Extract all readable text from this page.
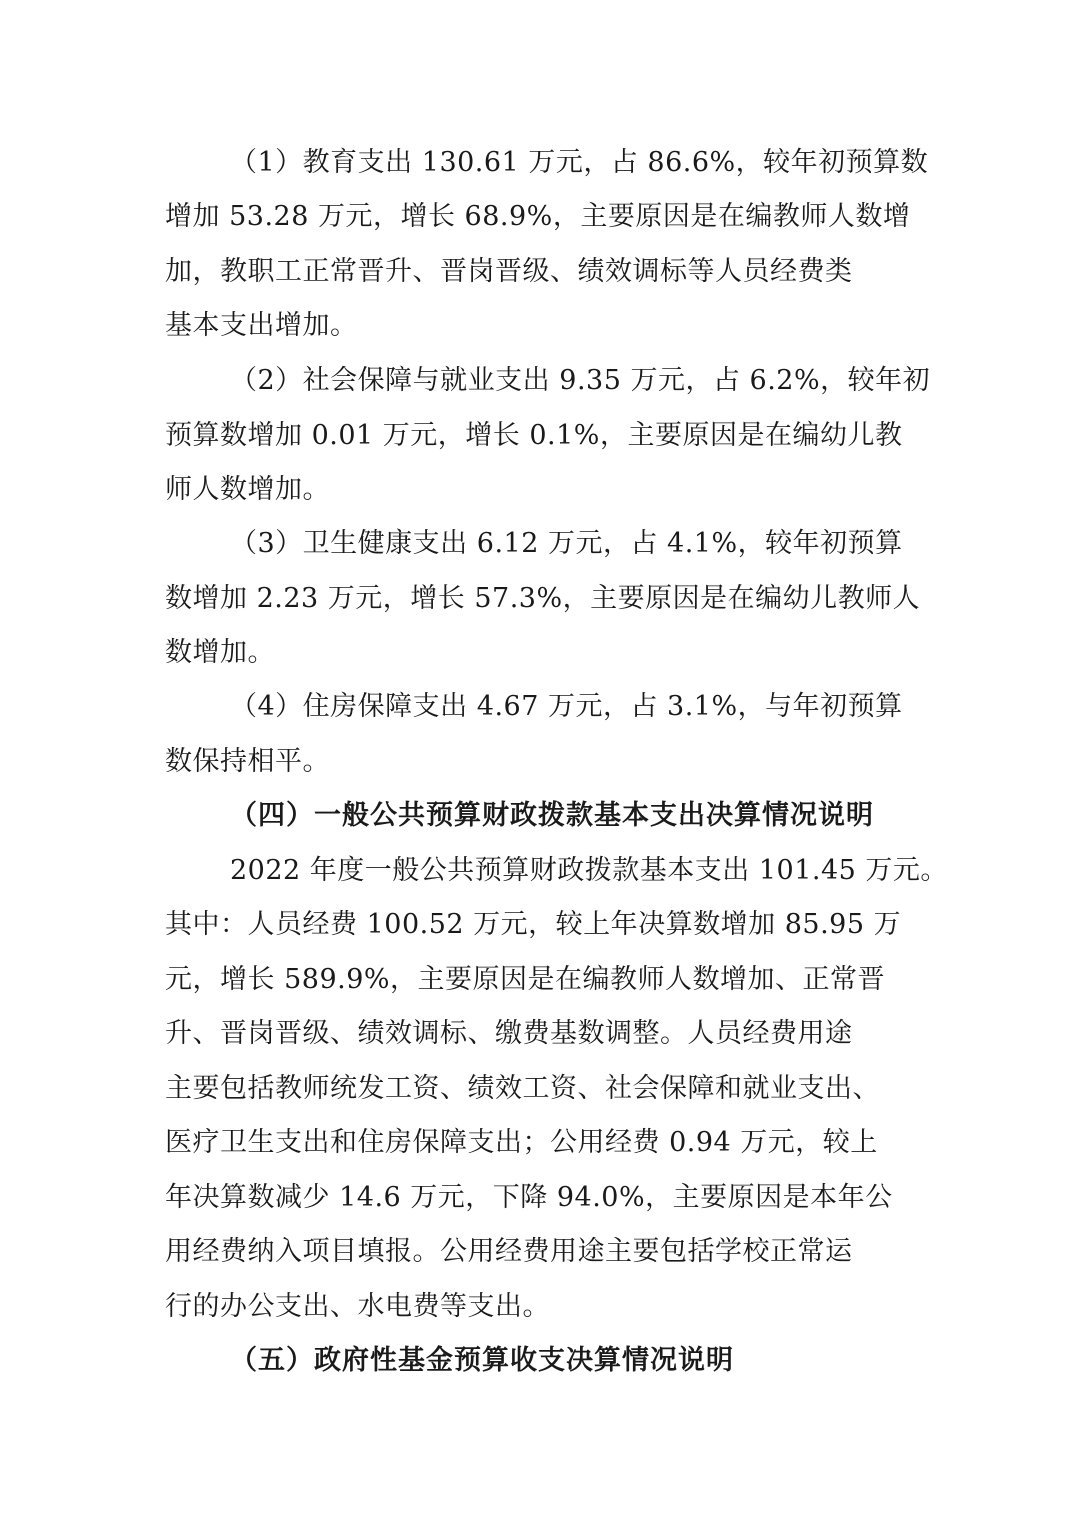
（1）教育支出 130.61 万元，占 86.6%，较年初预算数
增加 53.28 万元，增长 68.9%，主要原因是在编教师人数增
加，教职工正常晋升、晋岗晋级、绩效调标等人员经费类
基本支出增加。
（2）社会保障与就业支出 9.35 万元，占 6.2%，较年初
预算数增加 0.01 万元，增长 0.1%，主要原因是在编幼儿教
师人数增加。
（3）卫生健康支出 6.12 万元，占 4.1%，较年初预算
数增加 2.23 万元，增长 57.3%，主要原因是在编幼儿教师人
数增加。
（4）住房保障支出 4.67 万元，占 3.1%，与年初预算
数保持相平。
（四）一般公共预算财政拨款基本支出决算情况说明
2022 年度一般公共预算财政拨款基本支出 101.45 万元。
其中：人员经费 100.52 万元，较上年决算数增加 85.95 万
元，增长 589.9%，主要原因是在编教师人数增加、正常晋
升、晋岗晋级、绩效调标、缴费基数调整。人员经费用途
主要包括教师统发工资、绩效工资、社会保障和就业支出、
医疗卫生支出和住房保障支出；公用经费 0.94 万元，较上
年决算数减少 14.6 万元，下降 94.0%，主要原因是本年公
用经费纳入项目填报。公用经费用途主要包括学校正常运
行的办公支出、水电费等支出。
（五）政府性基金预算收支决算情况说明
